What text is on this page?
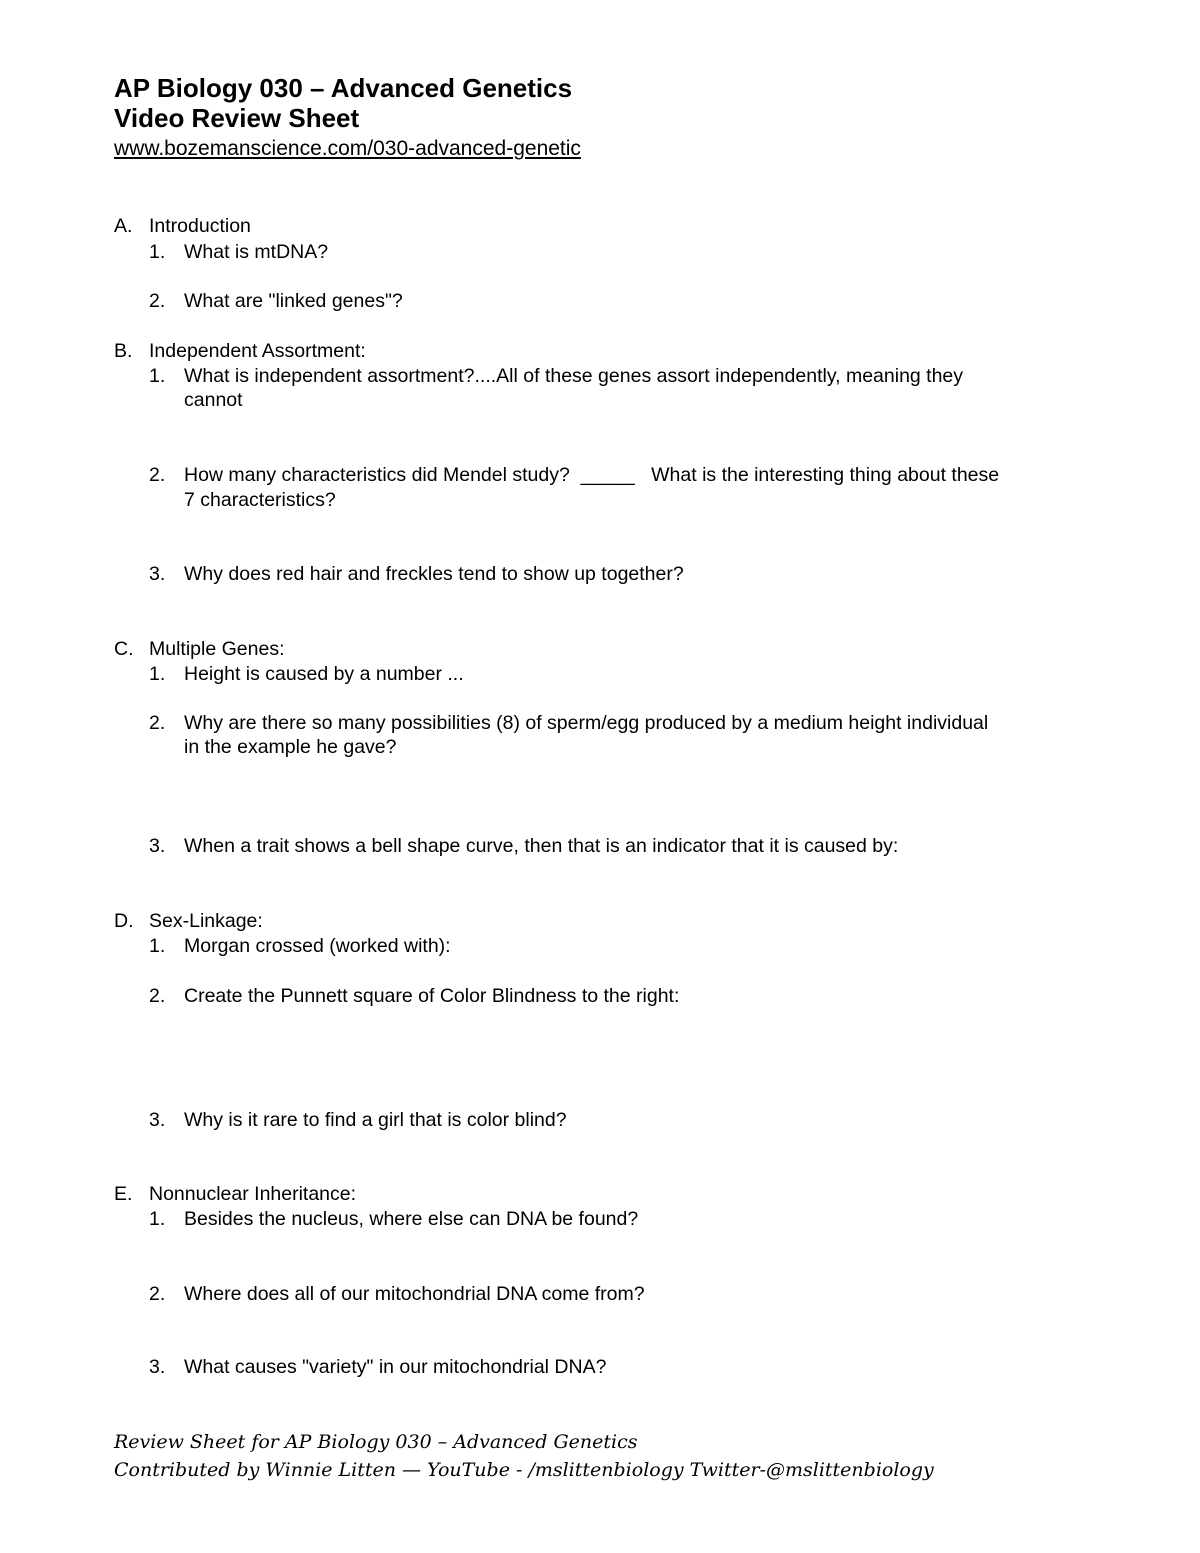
AP Biology 030 – Advanced Genetics
Video Review Sheet
www.bozemanscience.com/030-advanced-genetic
A. Introduction
1. What is mtDNA?
2. What are "linked genes"?
B. Independent Assortment:
1. What is independent assortment?....All of these genes assort independently, meaning they
cannot
2. How many characteristics did Mendel study?  _____   What is the interesting thing about these
7 characteristics?
3. Why does red hair and freckles tend to show up together?
C. Multiple Genes:
1. Height is caused by a number ...
2. Why are there so many possibilities (8) of sperm/egg produced by a medium height individual
in the example he gave?
3. When a trait shows a bell shape curve, then that is an indicator that it is caused by:
D. Sex-Linkage:
1. Morgan crossed (worked with):
2. Create the Punnett square of Color Blindness to the right:
3. Why is it rare to find a girl that is color blind?
E. Nonnuclear Inheritance:
1. Besides the nucleus, where else can DNA be found?
2. Where does all of our mitochondrial DNA come from?
3. What causes "variety" in our mitochondrial DNA?
Review Sheet for AP Biology 030 – Advanced Genetics
Contributed by Winnie Litten — YouTube - /mslittenbiology Twitter-@mslittenbiology
